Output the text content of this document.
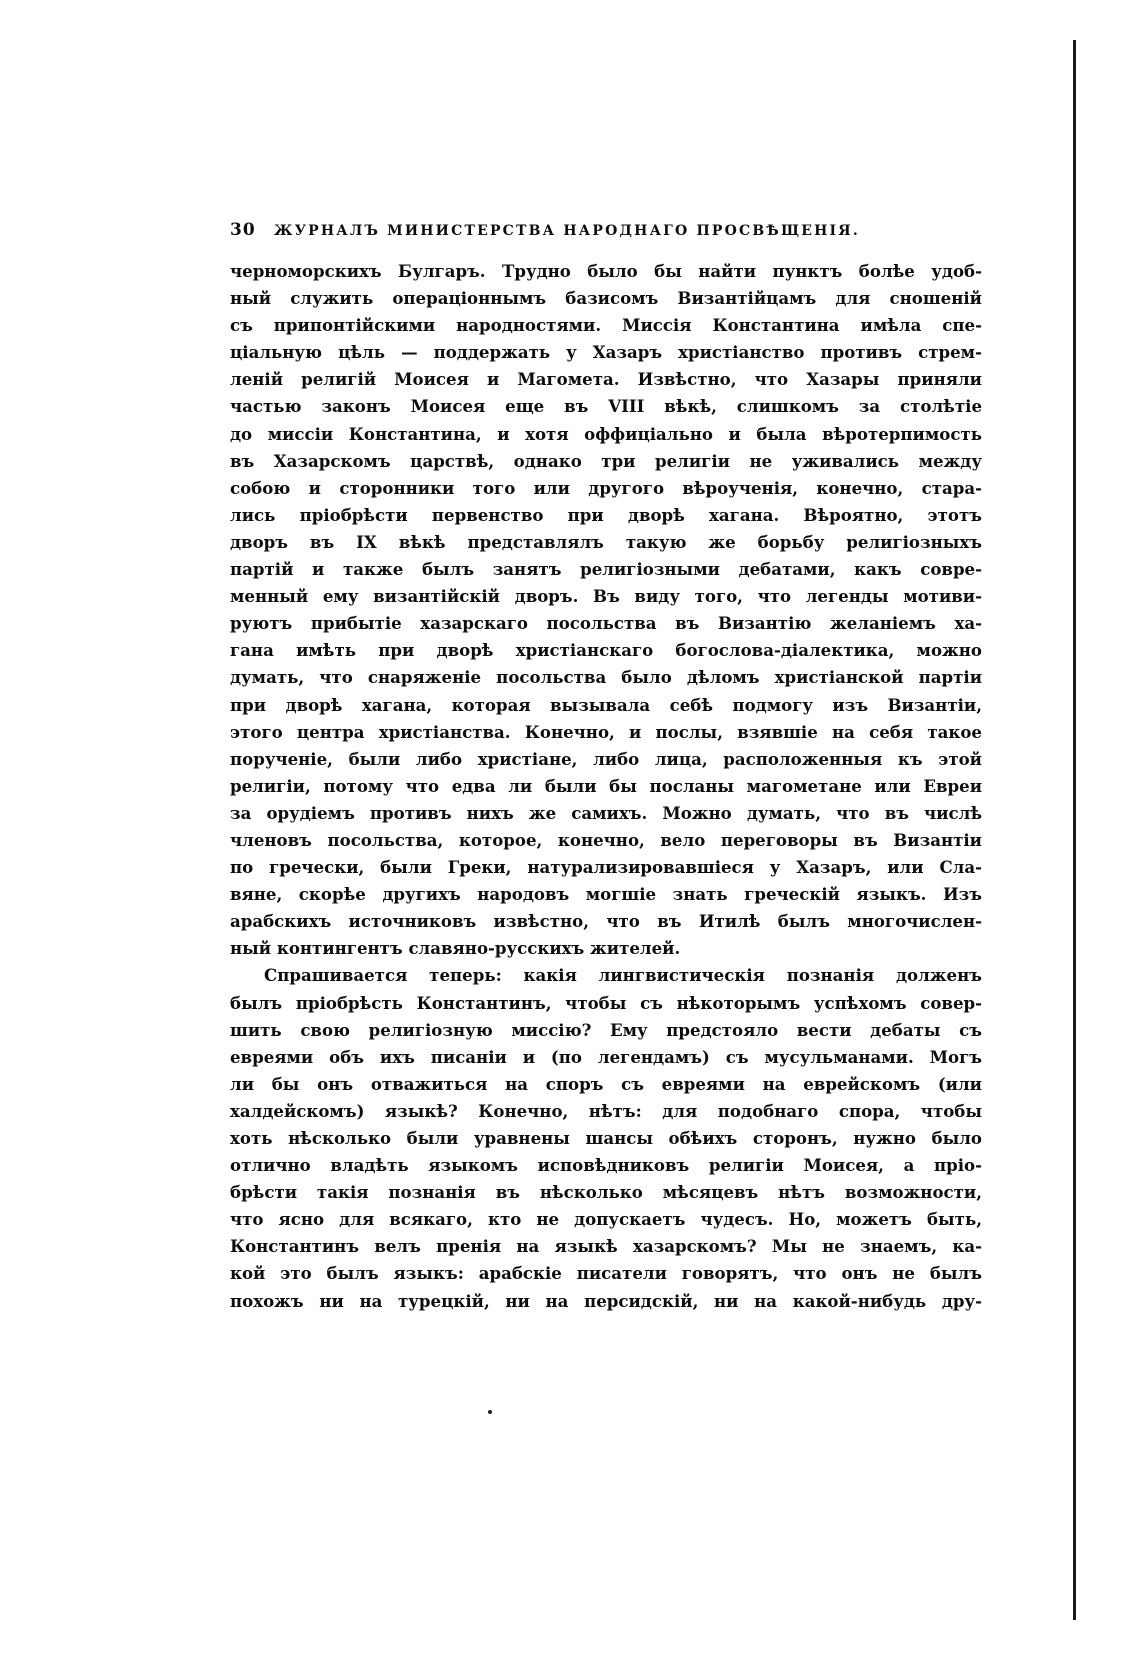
30	ЖУРНАЛЪ МИНИСТЕРСТВА НАРОДНАГО ПРОСВѢЩЕНІЯ.
черноморскихъ Булгаръ. Трудно было бы найти пунктъ болѣе удоб-
ный служить операціоннымъ базисомъ Византійцамъ для сношеній
съ припонтійскими народностями. Миссія Константина имѣла спе-
ціальную цѣль — поддержать у Хазаръ христіанство противъ стрем-
леній религій Моисея и Магомета. Извѣстно, что Хазары приняли
частью законъ Моисея еще въ VIII вѣкѣ, слишкомъ за столѣтіе
до миссіи Константина, и хотя оффиціально и была вѣротерпимость
въ Хазарскомъ царствѣ, однако три религіи не уживались между
собою и сторонники того или другого вѣроученія, конечно, стара-
лись пріобрѣсти первенство при дворѣ хагана. Вѣроятно, этотъ
дворъ въ IX вѣкѣ представлялъ такую же борьбу религіозныхъ
партій и также былъ занятъ религіозными дебатами, какъ совре-
менный ему византійскій дворъ. Въ виду того, что легенды мотиви-
руютъ прибытіе хазарскаго посольства въ Византію желаніемъ ха-
гана имѣть при дворѣ христіанскаго богослова-діалектика, можно
думать, что снаряженіе посольства было дѣломъ христіанской партіи
при дворѣ хагана, которая вызывала себѣ подмогу изъ Византіи,
этого центра христіанства. Конечно, и послы, взявшіе на себя такое
порученіе, были либо христіане, либо лица, расположенныя къ этой
религіи, потому что едва ли были бы посланы магометане или Евреи
за орудіемъ противъ нихъ же самихъ. Можно думать, что въ числѣ
членовъ посольства, которое, конечно, вело переговоры въ Византіи
по гречески, были Греки, натурализировавшіеся у Хазаръ, или Сла-
вяне, скорѣе другихъ народовъ могшіе знать греческій языкъ. Изъ
арабскихъ источниковъ извѣстно, что въ Итилѣ былъ многочислен-
ный контингентъ славяно-русскихъ жителей.
Спрашивается теперь: какія лингвистическія познанія долженъ
былъ пріобрѣсть Константинъ, чтобы съ нѣкоторымъ успѣхомъ совер-
шить свою религіозную миссію? Ему предстояло вести дебаты съ
евреями объ ихъ писаніи и (по легендамъ) съ мусульманами. Могъ
ли бы онъ отважиться на споръ съ евреями на еврейскомъ (или
халдейскомъ) языкѣ? Конечно, нѣтъ: для подобнаго спора, чтобы
хоть нѣсколько были уравнены шансы обѣихъ сторонъ, нужно было
отлично владѣть языкомъ исповѣдниковъ религіи Моисея, а пріо-
брѣсти такія познанія въ нѣсколько мѣсяцевъ нѣтъ возможности,
что ясно для всякаго, кто не допускаетъ чудесъ. Но, можетъ быть,
Константинъ велъ пренія на языкѣ хазарскомъ? Мы не знаемъ, ка-
кой это былъ языкъ: арабскіе писатели говорятъ, что онъ не былъ
похожъ ни на турецкій, ни на персидскій, ни на какой-нибудь дру-
